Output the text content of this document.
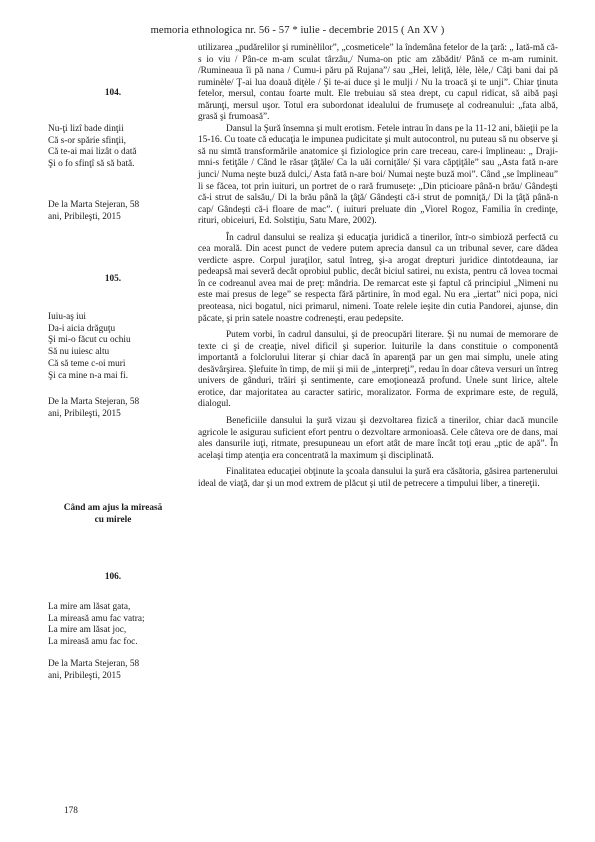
memoria ethnologica nr. 56 - 57 * iulie - decembrie 2015 ( An XV )
104.
Nu-ţi lizî bade dinţii
Că s-or spărie sfinţii,
Că te-ai mai lizât o dată
Şi o fo sfinţî să să bată.
De la Marta Stejeran, 58
ani, Pribileşti, 2015
105.
Iuiu-aş iui
Da-i aicia drăguţu
Şi mi-o făcut cu ochiu
Să nu iuiesc altu
Că să teme c-oi muri
Şi ca mine n-a mai fi.
De la Marta Stejeran, 58
ani, Pribileşti, 2015
Când am ajus la mireasă
cu mirele
106.
La mire am lăsat gata,
La mireasă amu fac vatra;
La mire am lăsat joc,
La mireasă amu fac foc.
De la Marta Stejeran, 58
ani, Pribileşti, 2015

utilizarea „pudărelilor şi ruminèlilor”, „cosmeticele” la îndemâna fetelor de la ţară: „ Iată-mă că-s io viu / Pân-ce m-am sculat târzâu,/ Numa-on ptic am zăbădit/ Până ce m-am ruminit. /Rumineaua îi pă nana / Cumu-i păru pă Rujana”/ sau „Hei, leliţă, lèle, lèle,/ Câţi bani dai pă ruminèle/ Ţ-ai lua doauă diţèle / Şi te-ai duce şi le mulji / Nu la troacă şi te unji”. Chiar ţinuta fetelor, mersul, contau foarte mult. Ele trebuiau să stea drept, cu capul ridicat, să aibă paşi mărunţi, mersul uşor. Totul era subordonat idealului de frumuseţe al codreanului: „fata albă, grasă şi frumoasă”.

Dansul la Şură însemna şi mult erotism. Fetele intrau în dans pe la 11-12 ani, băieţii pe la 15-16. Cu toate că educaţia le impunea pudicitate şi mult autocontrol, nu puteau să nu observe şi să nu simtă transformările anatomice şi fiziologice prin care treceau, care-i împlineau: „ Draji-mni-s fetiţăle / Când le răsar ţâţăle/ Ca la uăi cornițăle/ Și vara căpţiţăle” sau „Asta fată n-are junci/ Numa neşte buză dulci,/ Asta fată n-are boi/ Numai neşte buză moi”. Când „se împlineau” li se făcea, tot prin iuituri, un portret de o rară frumuseţe: „Din pticioare până-n brău/ Gândeşti că-i strut de salsău,/ Di la brău până la ţâţă/ Gândeşti că-i strut de pomniţă,/ Di la ţâţă până-n cap/ Gândeşti că-i floare de mac”. ( iuituri preluate din „Viorel Rogoz, Familia în credinţe, rituri, obiceiuri, Ed. Solstiţiu, Satu Mare, 2002).

În cadrul dansului se realiza şi educaţia juridică a tinerilor, într-o simbioză perfectă cu cea morală. Din acest punct de vedere putem aprecia dansul ca un tribunal sever, care dădea verdicte aspre. Corpul juraţilor, satul întreg, şi-a arogat drepturi juridice dintotdeauna, iar pedeapsă mai severă decât oprobiul public, decât biciul satirei, nu exista, pentru că lovea tocmai în ce codreanul avea mai de preţ: mândria. De remarcat este şi faptul că principiul „Nimeni nu este mai presus de lege” se respecta fără părtinire, în mod egal. Nu era „iertat” nici popa, nici preoteasa, nici bogatul, nici primarul, nimeni. Toate relele ieşite din cutia Pandorei, ajunse, din păcate, şi prin satele noastre codreneşti, erau pedepsite.

Putem vorbi, în cadrul dansului, şi de preocupări literare. Şi nu numai de memorare de texte ci şi de creaţie, nivel dificil şi superior. Iuiturile la dans constituie o componentă importantă a folclorului literar şi chiar dacă în aparenţă par un gen mai simplu, unele ating desăvârşirea. Şlefuite în timp, de mii şi mii de „interpreţi”, redau în doar câteva versuri un întreg univers de gânduri, trăiri şi sentimente, care emoţionează profund. Unele sunt lirice, altele erotice, dar majoritatea au caracter satiric, moralizator. Forma de exprimare este, de regulă, dialogul.

Beneficiile dansului la şură vizau şi dezvoltarea fizică a tinerilor, chiar dacă muncile agricole le asigurau suficient efort pentru o dezvoltare armonioasă. Cele câteva ore de dans, mai ales dansurile iuţi, ritmate, presupuneau un efort atât de mare încât toţi erau „ptic de apă”. În acelaşi timp atenţia era concentrată la maximum şi disciplinată.

Finalitatea educaţiei obţinute la şcoala dansului la şură era căsătoria, găsirea partenerului ideal de viaţă, dar şi un mod extrem de plăcut şi util de petrecere a timpului liber, a tinereţii.

178
